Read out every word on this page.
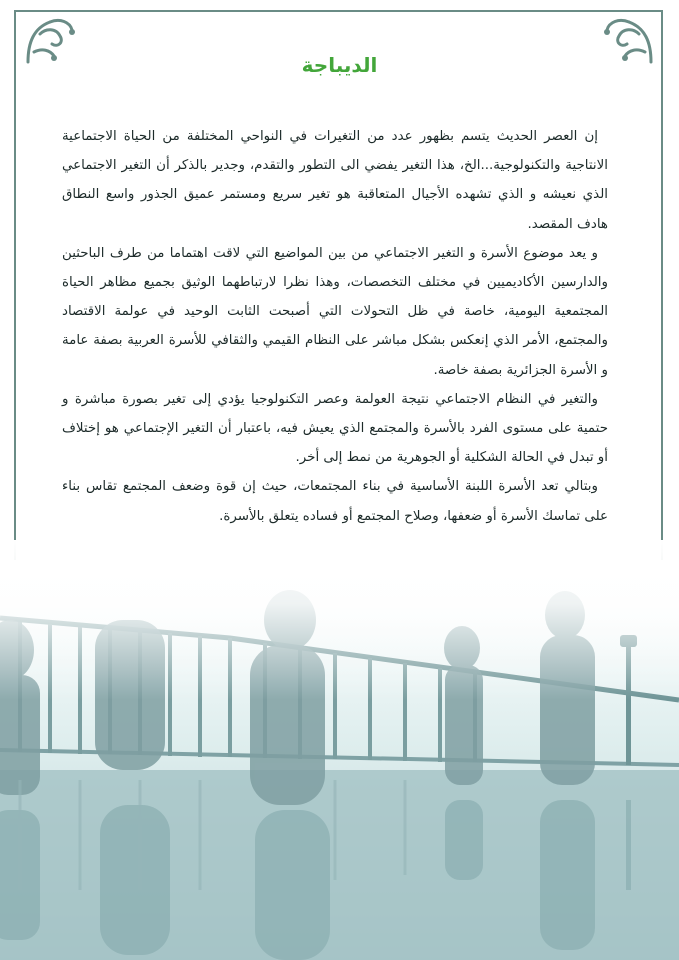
الديباجة

إن العصر الحديث يتسم بظهور عدد من التغيرات في النواحي المختلفة من الحياة الاجتماعية الانتاجية والتكنولوجية...الخ، هذا التغير يفضي الى التطور والتقدم، وجدير بالذكر أن التغير الاجتماعي الذي نعيشه و الذي تشهده الأجيال المتعاقبة هو تغير سريع ومستمر عميق الجذور واسع النطاق هادف المقصد.

و يعد موضوع الأسرة و التغير الاجتماعي من بين المواضيع التي لاقت اهتماما من طرف الباحثين والدارسين الأكاديميين في مختلف التخصصات، وهذا نظرا لارتباطهما الوثيق بجميع مظاهر الحياة المجتمعية اليومية، خاصة في ظل التحولات التي أصبحت الثابت الوحيد في عولمة الاقتصاد والمجتمع، الأمر الذي إنعكس بشكل مباشر على النظام القيمي والثقافي للأسرة العربية بصفة عامة و الأسرة الجزائرية بصفة خاصة.

والتغير في النظام الاجتماعي نتيجة العولمة وعصر التكنولوجيا يؤدي إلى تغير بصورة مباشرة و حتمية على مستوى الفرد بالأسرة والمجتمع الذي يعيش فيه، باعتبار أن التغير الإجتماعي هو إختلاف أو تبدل في الحالة الشكلية أو الجوهرية من نمط إلى أخر.

وبتالي تعد الأسرة اللبنة الأساسية في بناء المجتمعات، حيث إن قوة وضعف المجتمع تقاس بناء على تماسك الأسرة أو ضعفها، وصلاح المجتمع أو فساده يتعلق بالأسرة.
